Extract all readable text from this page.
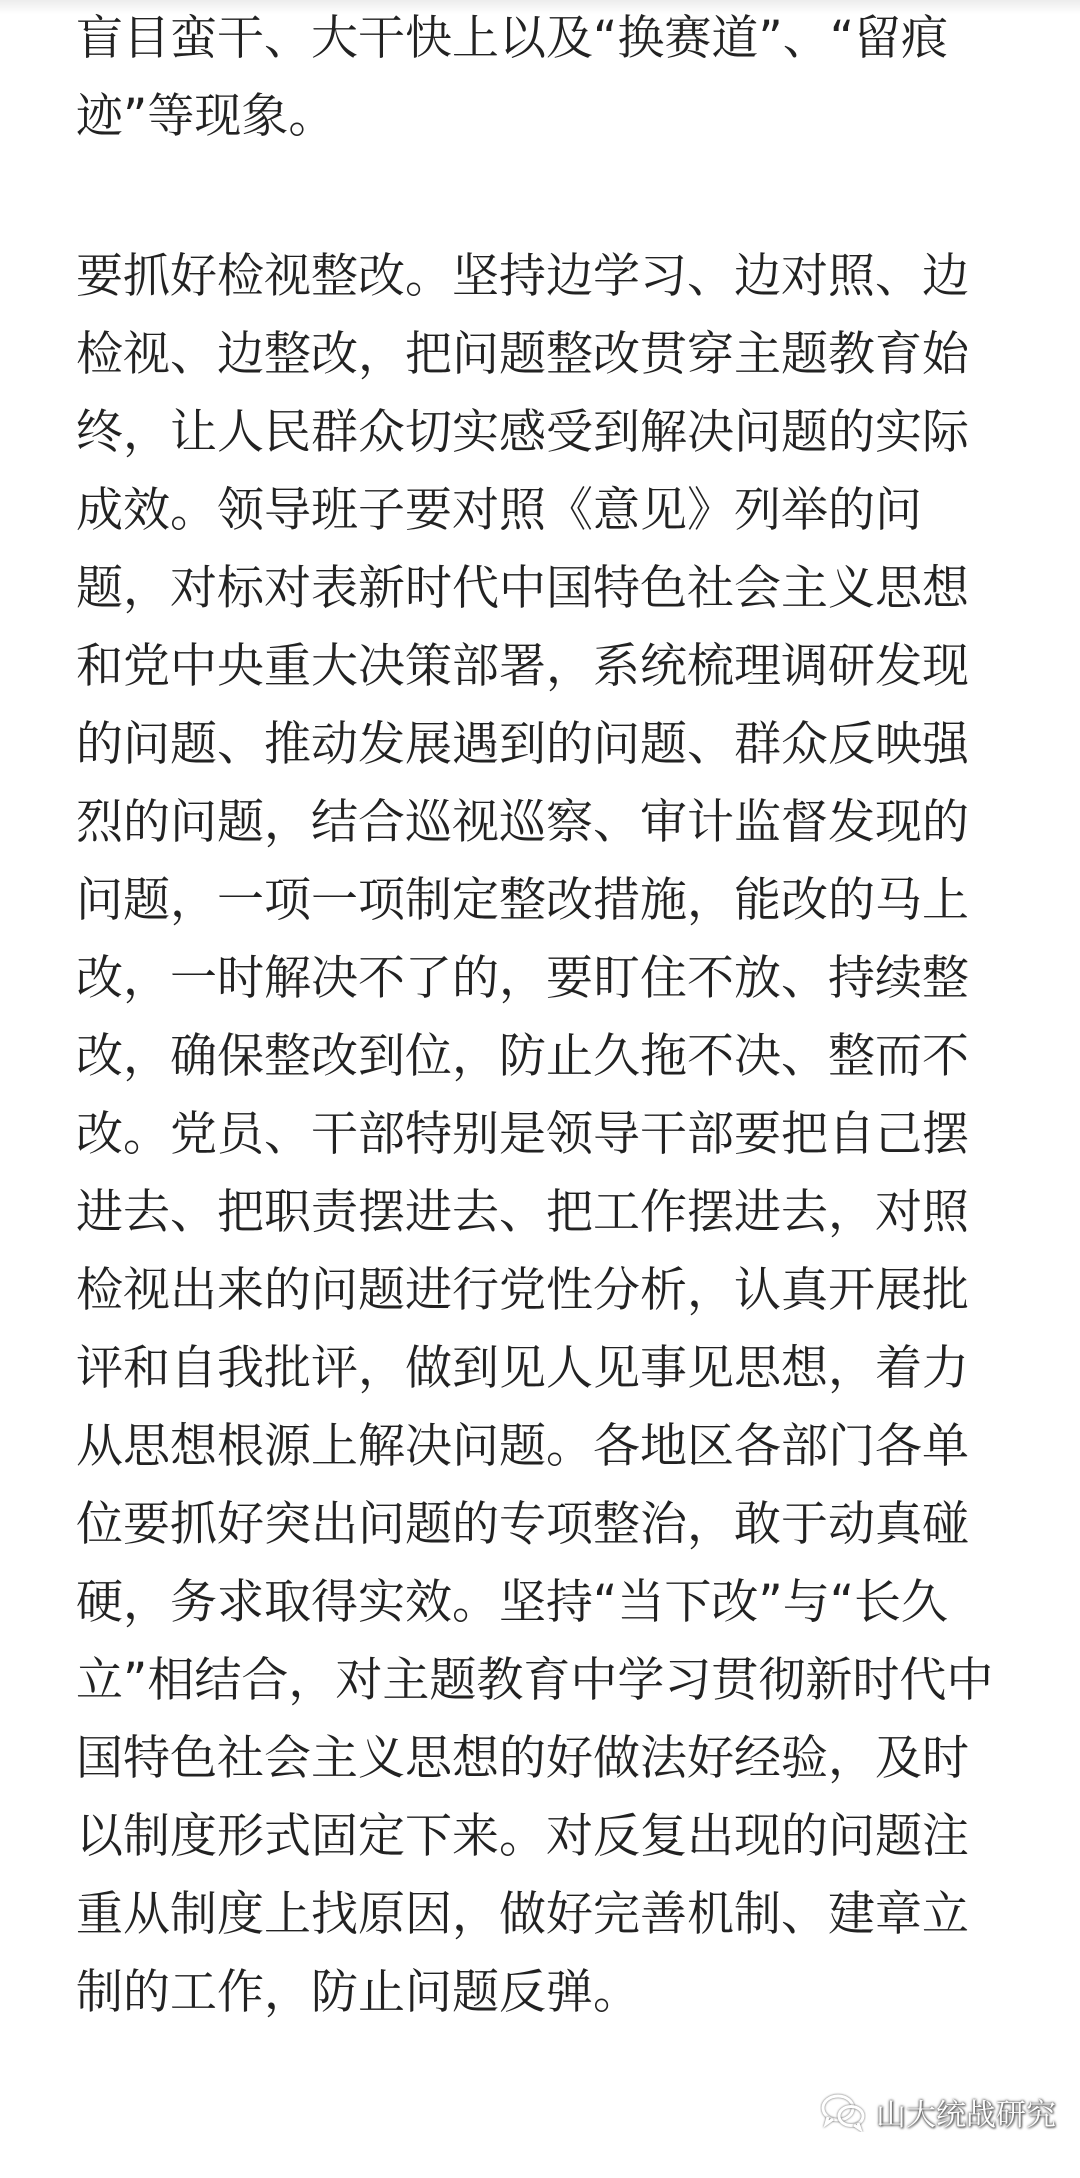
盲目蛮干、大干快上以及“换赛道”、“留痕
迹”等现象。
要抓好检视整改。坚持边学习、边对照、边
检视、边整改，把问题整改贯穿主题教育始
终，让人民群众切实感受到解决问题的实际
成效。领导班子要对照《意见》列举的问
题，对标对表新时代中国特色社会主义思想
和党中央重大决策部署，系统梳理调研发现
的问题、推动发展遇到的问题、群众反映强
烈的问题，结合巡视巡察、审计监督发现的
问题，一项一项制定整改措施，能改的马上
改，一时解决不了的，要盯住不放、持续整
改，确保整改到位，防止久拖不决、整而不
改。党员、干部特别是领导干部要把自己摆
进去、把职责摆进去、把工作摆进去，对照
检视出来的问题进行党性分析，认真开展批
评和自我批评，做到见人见事见思想，着力
从思想根源上解决问题。各地区各部门各单
位要抓好突出问题的专项整治，敢于动真碰
硬，务求取得实效。坚持“当下改”与“长久
立”相结合，对主题教育中学习贯彻新时代中
国特色社会主义思想的好做法好经验，及时
以制度形式固定下来。对反复出现的问题注
重从制度上找原因，做好完善机制、建章立
制的工作，防止问题反弹。
山大统战研究
